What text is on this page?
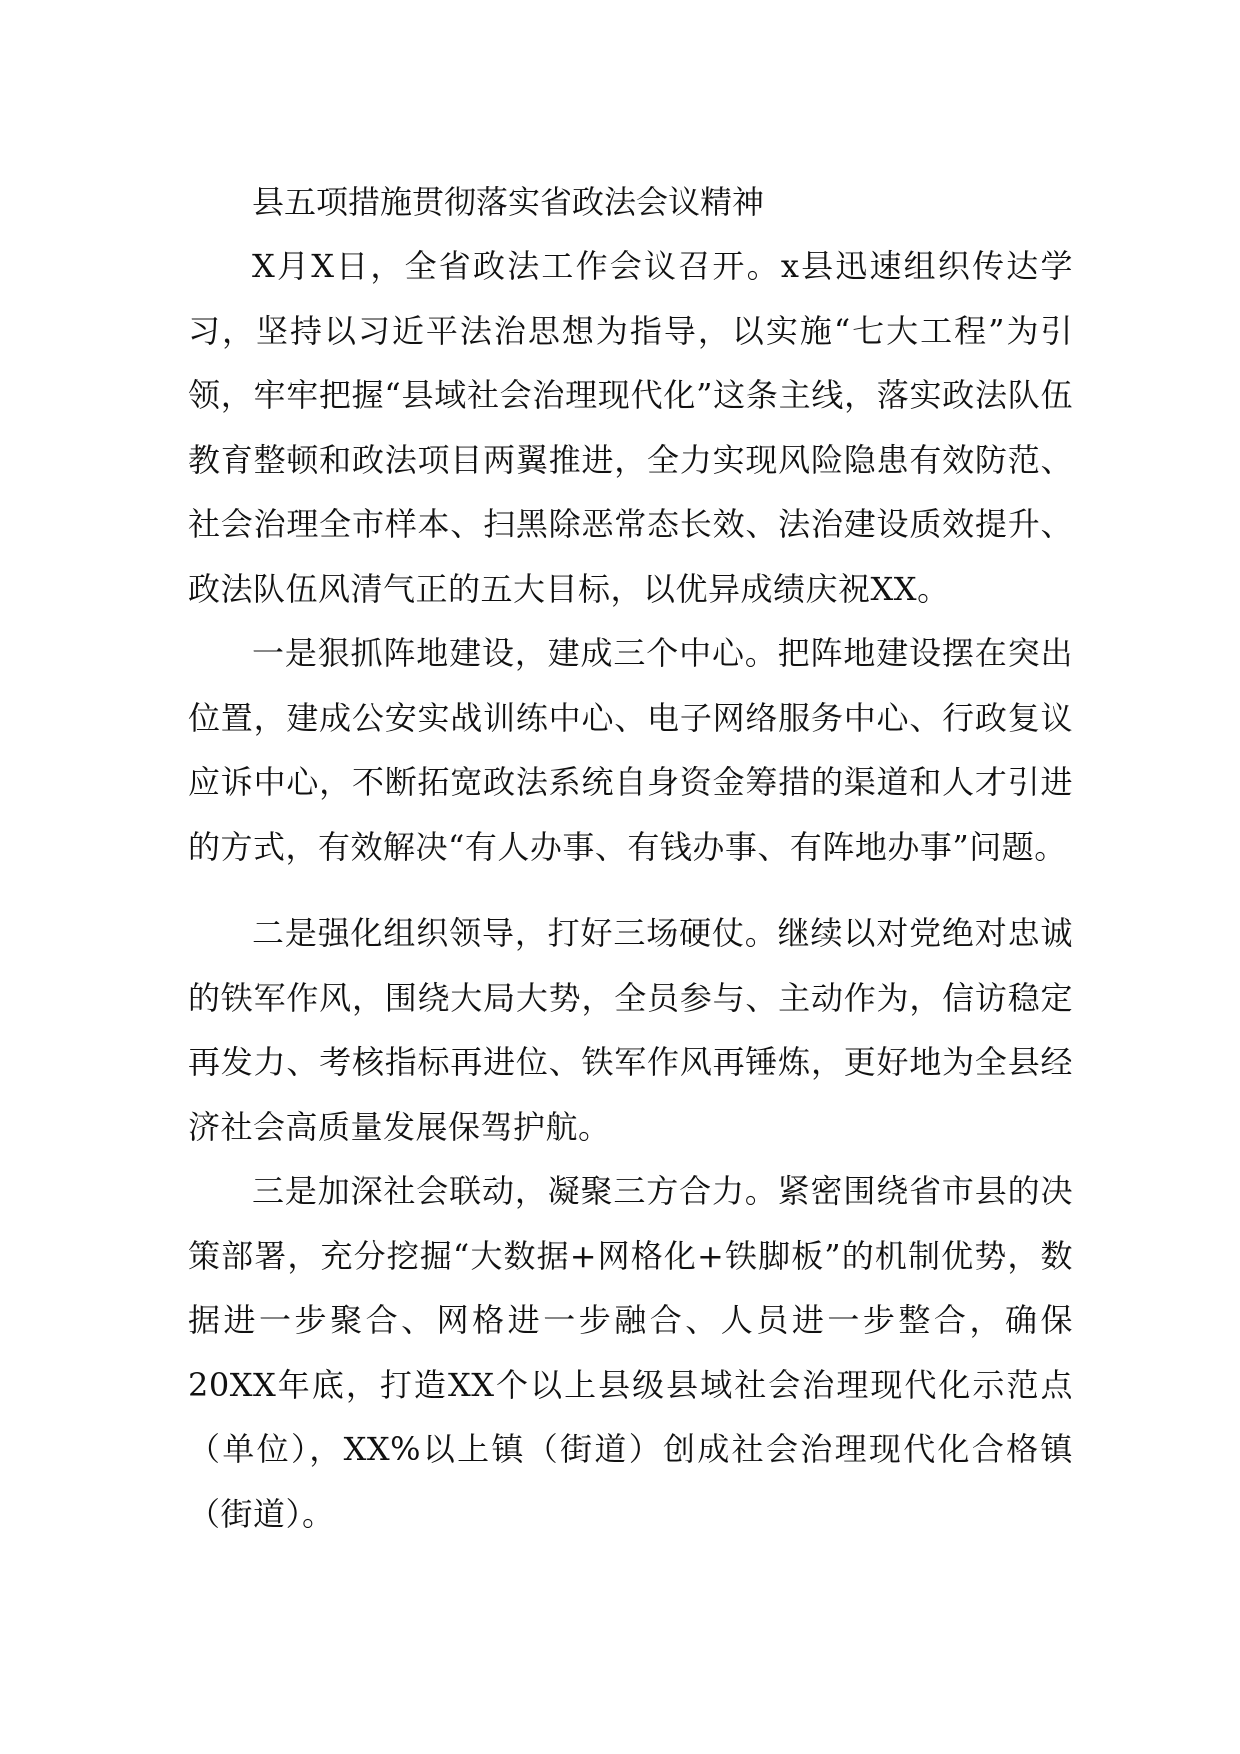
县五项措施贯彻落实省政法会议精神

X月X日，全省政法工作会议召开。x县迅速组织传达学习，坚持以习近平法治思想为指导，以实施“七大工程”为引领，牢牢把握“县域社会治理现代化”这条主线，落实政法队伍教育整顿和政法项目两翼推进，全力实现风险隐患有效防范、社会治理全市样本、扫黑除恶常态长效、法治建设质效提升、政法队伍风清气正的五大目标，以优异成绩庆祝XX。

一是狠抓阵地建设，建成三个中心。把阵地建设摆在突出位置，建成公安实战训练中心、电子网络服务中心、行政复议应诉中心，不断拓宽政法系统自身资金筹措的渠道和人才引进的方式，有效解决“有人办事、有钱办事、有阵地办事”问题。

二是强化组织领导，打好三场硬仗。继续以对党绝对忠诚的铁军作风，围绕大局大势，全员参与、主动作为，信访稳定再发力、考核指标再进位、铁军作风再锤炼，更好地为全县经济社会高质量发展保驾护航。

三是加深社会联动，凝聚三方合力。紧密围绕省市县的决策部署，充分挖掘“大数据+网格化+铁脚板”的机制优势，数据进一步聚合、网格进一步融合、人员进一步整合，确保20XX年底，打造XX个以上县级县域社会治理现代化示范点（单位），XX%以上镇（街道）创成社会治理现代化合格镇（街道）。
